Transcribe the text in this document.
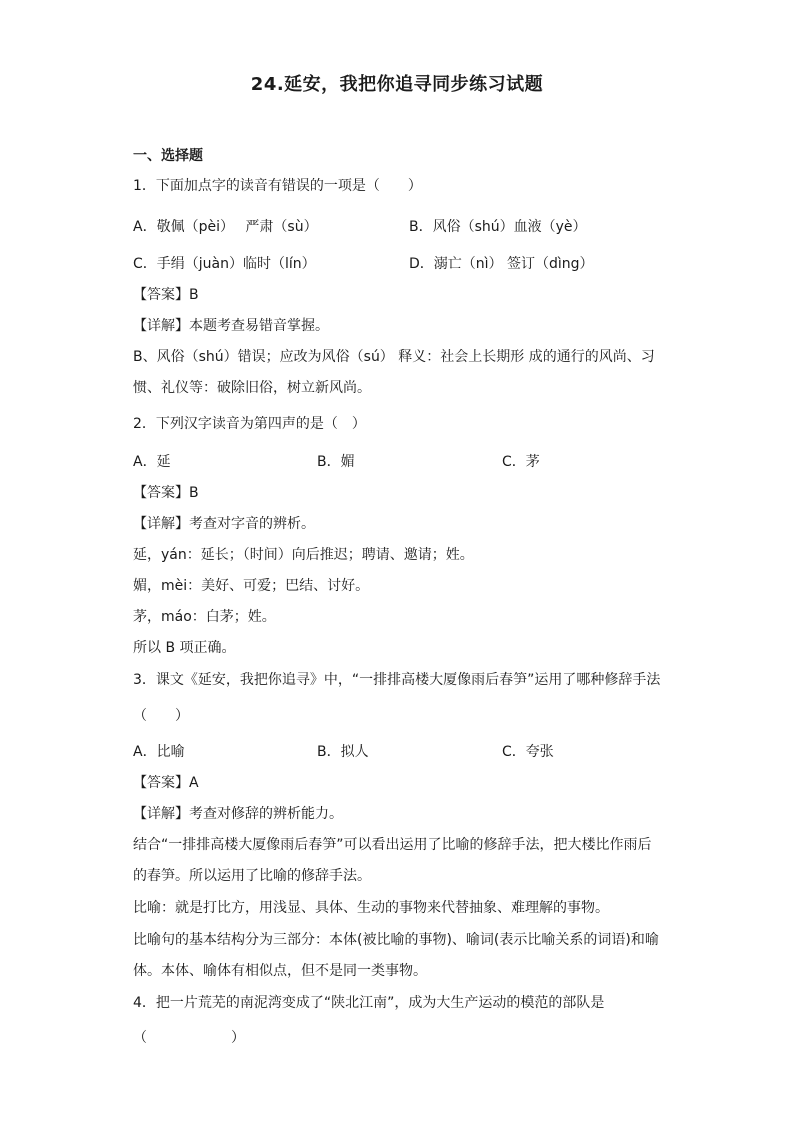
24.延安，我把你追寻同步练习试题
一、选择题
1．下面加点字的读音有错误的一项是（　　）
A．敬佩（pèi）　 严肃（sù）	B．风俗（shú）血液（yè）
C．手绢（juàn）临时（lín）	D．溺亡（nì） 签订（dìng）
【答案】B
【详解】本题考查易错音掌握。
B、风俗（shú）错误；应改为风俗（sú） 释义：社会上长期形 成的通行的风尚、习
惯、礼仪等：破除旧俗，树立新风尚。
2．下列汉字读音为第四声的是（　）
A．延	B．媚	C．茅
【答案】B
【详解】考查对字音的辨析。
延，yán：延长；（时间）向后推迟；聘请、邀请；姓。
媚，mèi：美好、可爱；巴结、讨好。
茅，máo：白茅；姓。
所以 B 项正确。
3．课文《延安，我把你追寻》中，“一排排高楼大厦像雨后春笋”运用了哪种修辞手法
（　　）
A．比喻	B．拟人	C．夸张
【答案】A
【详解】考查对修辞的辨析能力。
结合“一排排高楼大厦像雨后春笋”可以看出运用了比喻的修辞手法，把大楼比作雨后
的春笋。所以运用了比喻的修辞手法。
比喻：就是打比方，用浅显、具体、生动的事物来代替抽象、难理解的事物。
比喻句的基本结构分为三部分：本体(被比喻的事物)、喻词(表示比喻关系的词语)和喻
体。本体、喻体有相似点，但不是同一类事物。
4．把一片荒芜的南泥湾变成了“陕北江南”，成为大生产运动的模范的部队是
（　　　　　　）
